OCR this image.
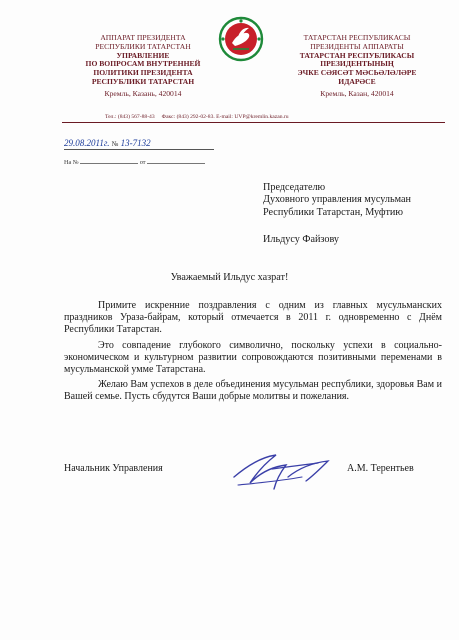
АППАРАТ ПРЕЗИДЕНТА
РЕСПУБЛИКИ ТАТАРСТАН
УПРАВЛЕНИЕ
ПО ВОПРОСАМ ВНУТРЕННЕЙ
ПОЛИТИКИ ПРЕЗИДЕНТА
РЕСПУБЛИКИ ТАТАРСТАН
Кремль, Казань, 420014
ТАТАРСТАН РЕСПУБЛИКАСЫ
ПРЕЗИДЕНТЫ АППАРАТЫ
ТАТАРСТАН РЕСПУБЛИКАСЫ
ПРЕЗИДЕНТЫНЫҢ
ЭЧКЕ СӘЯСӘТ МӘСЬӘЛӘЛӘРЕ
ИДАРӘСЕ
Кремль, Казан, 420014
Тел.: (843) 567-88-43 Факс: (843) 292-02-83. E-mail: UVP@kremlin.kazan.ru
29.08.2011г. № 13-7132
На №	от
Председателю
Духовного управления мусульман
Республики Татарстан, Муфтию
Ильдусу Файзову
Уважаемый Ильдус хазрат!

Примите искренние поздравления с одним из главных мусульманских праздников Ураза-байрам, который отмечается в 2011 г. одновременно с Днём Республики Татарстан.

Это совпадение глубокого символично, поскольку успехи в социально-экономическом и культурном развитии сопровождаются позитивными переменами в мусульманской умме Татарстана.

Желаю Вам успехов в деле объединения мусульман республики, здоровья Вам и Вашей семье. Пусть сбудутся Ваши добрые молитвы и пожелания.

Начальник Управления	А.М. Терентьев
